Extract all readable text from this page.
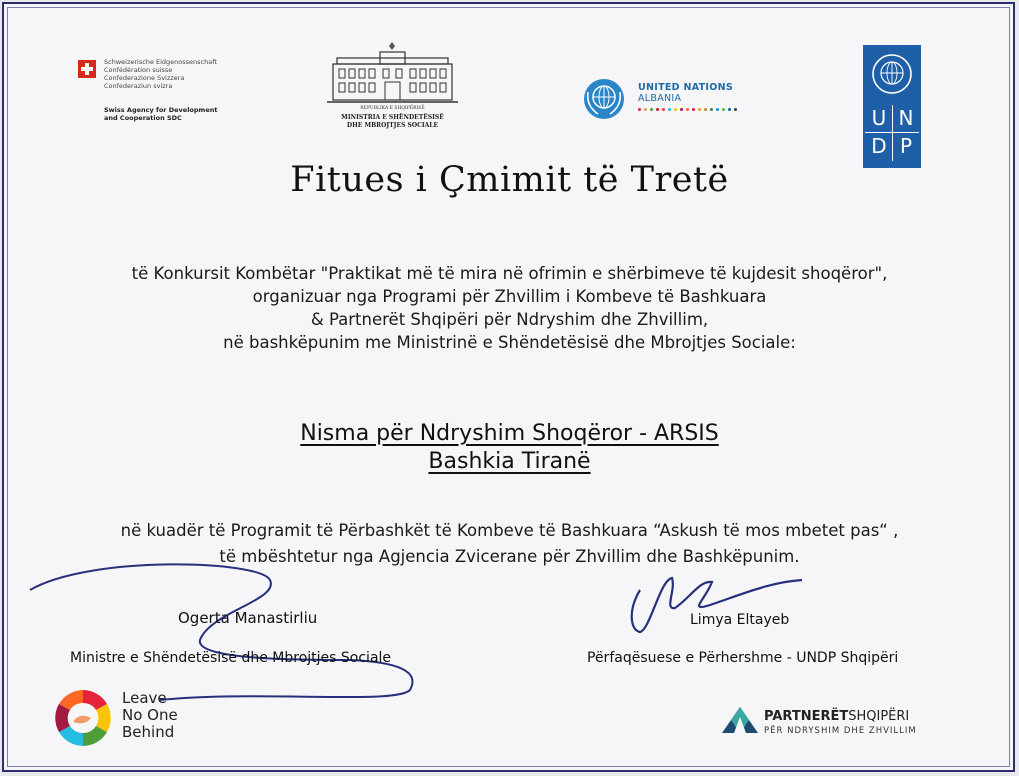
Schweizerische Eidgenossenschaft
Confédération suisse
Confederazione Svizzera
Confederaziun svizra
Swiss Agency for Development and Cooperation SDC
REPUBLIKA E SHQIPËRISË
MINISTRIA E SHËNDETËSISË
DHE MBROJTJES SOCIALE
UNITED NATIONS
ALBANIA
U N
D P
Fitues i Çmimit të Tretë
të Konkursit Kombëtar "Praktikat më të mira në ofrimin e shërbimeve të kujdesit shoqëror",
organizuar nga Programi për Zhvillim i Kombeve të Bashkuara
& Partnerët Shqipëri për Ndryshim dhe Zhvillim,
në bashkëpunim me Ministrinë e Shëndetësisë dhe Mbrojtjes Sociale:
Nisma për Ndryshim Shoqëror - ARSIS
Bashkia Tiranë
në kuadër të Programit të Përbashkët të Kombeve të Bashkuara “Askush të mos mbetet pas“ ,
të mbështetur nga Agjencia Zvicerane për Zhvillim dhe Bashkëpunim.
Ogerta Manastirliu
Ministre e Shëndetësisë dhe Mbrojtjes Sociale
Limya Eltayeb
Përfaqësuese e Përhershme - UNDP Shqipëri
Leave
No One
Behind
PARTNERËTSHQIPËRI
PËR NDRYSHIM DHE ZHVILLIM
